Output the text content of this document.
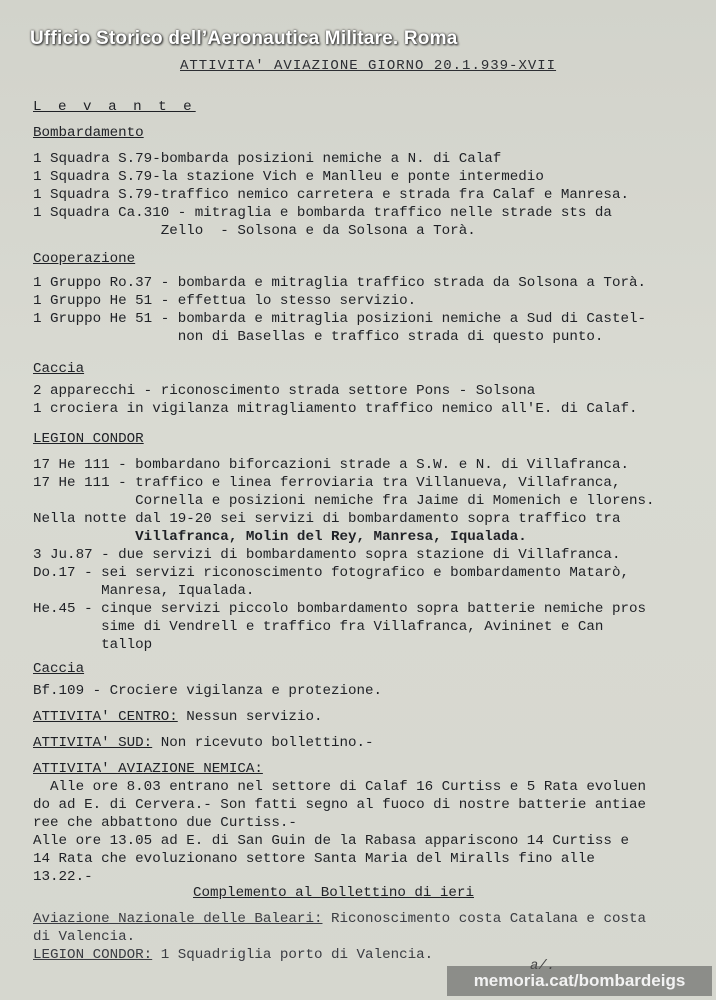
Ufficio Storico dell’Aeronautica Militare. Roma
ATTIVITA' AVIAZIONE GIORNO 20.1.939-XVII
L e v a n t e
Bombardamento
1 Squadra S.79-bombarda posizioni nemiche a N. di Calaf
1 Squadra S.79-la stazione Vich e Manlleu e ponte intermedio
1 Squadra S.79-traffico nemico carretera e strada fra Calaf e Manresa.
1 Squadra Ca.310 - mitraglia e bombarda traffico nelle strade sts da
Zello  - Solsona e da Solsona a Torà.
Cooperazione
1 Gruppo Ro.37 - bombarda e mitraglia traffico strada da Solsona a Torà.
1 Gruppo He 51 - effettua lo stesso servizio.
1 Gruppo He 51 - bombarda e mitraglia posizioni nemiche a Sud di Castel-
non di Basellas e traffico strada di questo punto.
Caccia
2 apparecchi - riconoscimento strada settore Pons - Solsona
1 crociera in vigilanza mitragliamento traffico nemico all'E. di Calaf.
LEGION CONDOR
17 He 111 - bombardano biforcazioni strade a S.W. e N. di Villafranca.
17 He 111 - traffico e linea ferroviaria tra Villanueva, Villafranca,
Cornella e posizioni nemiche fra Jaime di Momenich e llorens.
Nella notte dal 19-20 sei servizi di bombardamento sopra traffico tra
Villafranca, Molin del Rey, Manresa, Iqualada.
3 Ju.87 - due servizi di bombardamento sopra stazione di Villafranca.
Do.17 - sei servizi riconoscimento fotografico e bombardamento Matarò,
Manresa, Iqualada.
He.45 - cinque servizi piccolo bombardamento sopra batterie nemiche pros
sime di Vendrell e traffico fra Villafranca, Avininet e Can
tallop
Caccia
Bf.109 - Crociere vigilanza e protezione.
ATTIVITA' CENTRO: Nessun servizio.
ATTIVITA' SUD: Non ricevuto bollettino.-
ATTIVITA' AVIAZIONE NEMICA:
Alle ore 8.03 entrano nel settore di Calaf 16 Curtiss e 5 Rata evoluen
do ad E. di Cervera.- Son fatti segno al fuoco di nostre batterie antiae
ree che abbattono due Curtiss.-
Alle ore 13.05 ad E. di San Guin de la Rabasa appariscono 14 Curtiss e
14 Rata che evoluzionano settore Santa Maria del Miralls fino alle
13.22.-
Complemento al Bollettino di ieri
Aviazione Nazionale delle Baleari: Riconoscimento costa Catalana e costa
di Valencia.
LEGION CONDOR: 1 Squadriglia porto di Valencia.
memoria.cat/bombardeigs
